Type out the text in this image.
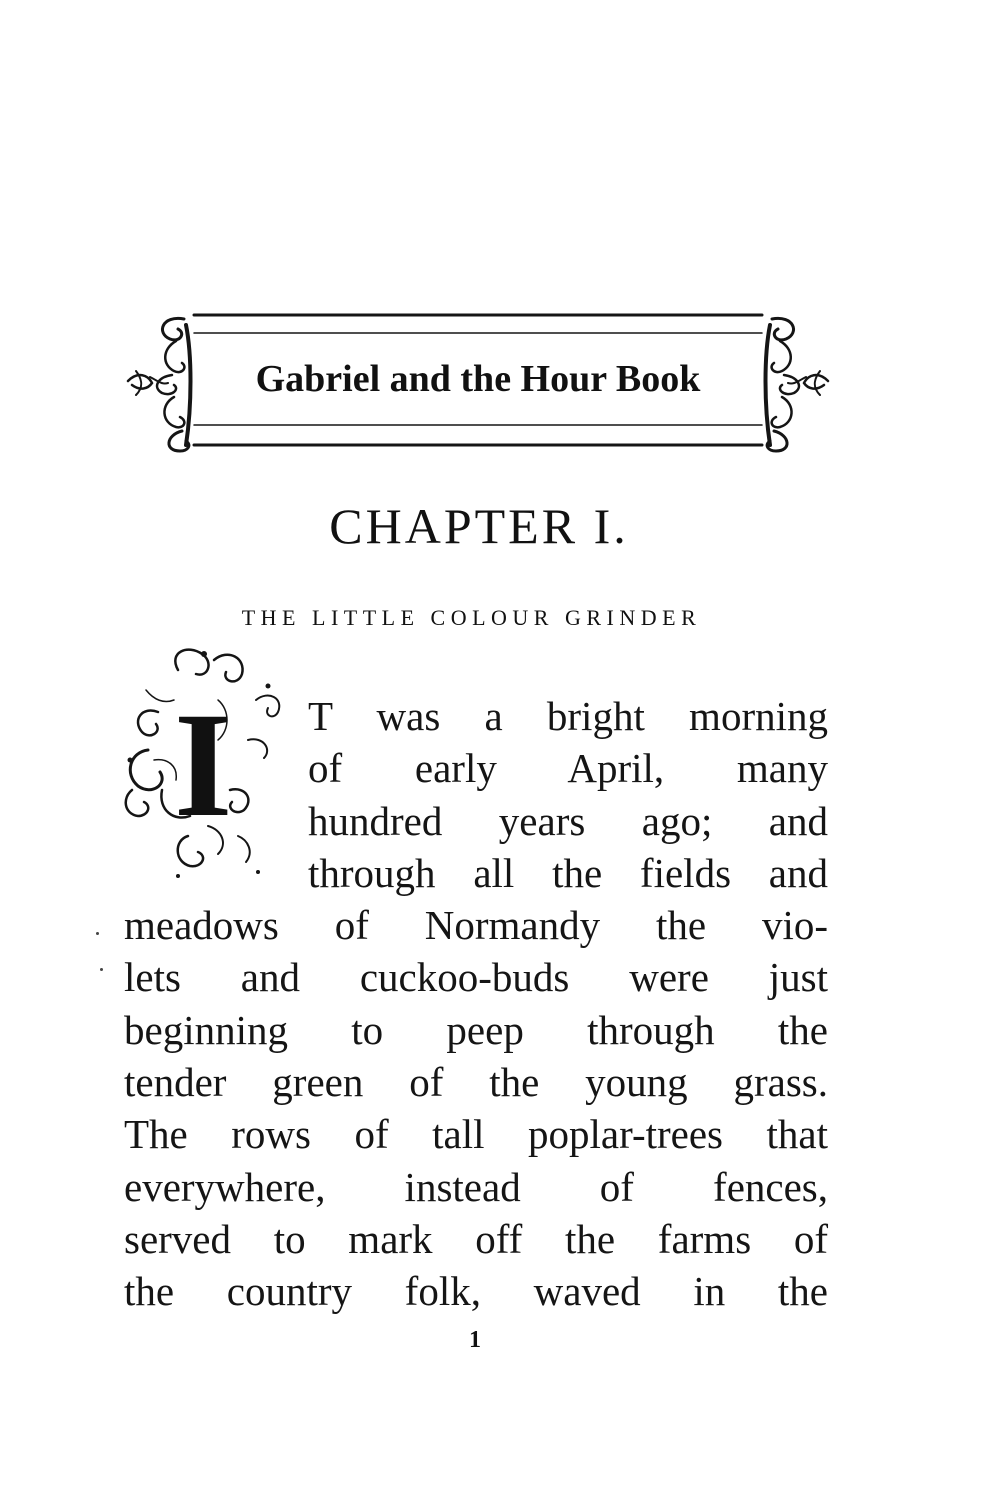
Gabriel and the Hour Book
CHAPTER I.
THE LITTLE COLOUR GRINDER
I T was a bright morning
of early April, many
hundred years ago; and
through all the fields and
meadows of Normandy the vio-
lets and cuckoo-buds were just
beginning to peep through the
tender green of the young grass.
The rows of tall poplar-trees that
everywhere, instead of fences,
served to mark off the farms of
the country folk, waved in the
1
